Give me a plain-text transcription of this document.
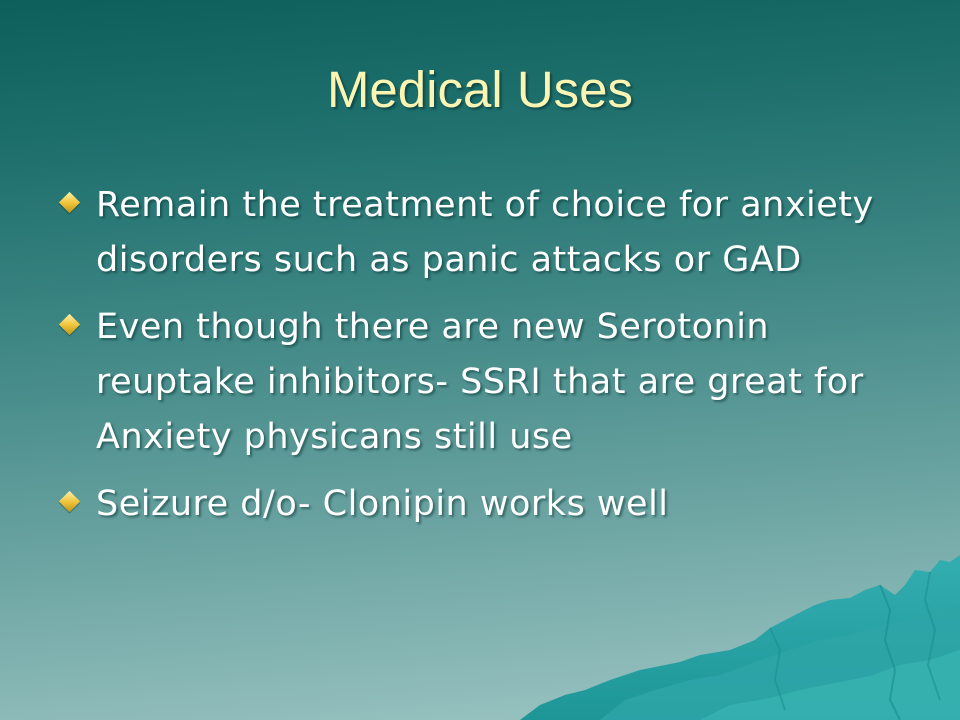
Medical Uses
Remain the treatment of choice for anxiety disorders such as panic attacks or GAD
Even though there are new Serotonin reuptake inhibitors- SSRI that are great for Anxiety physicans still use
Seizure d/o- Clonipin works well
